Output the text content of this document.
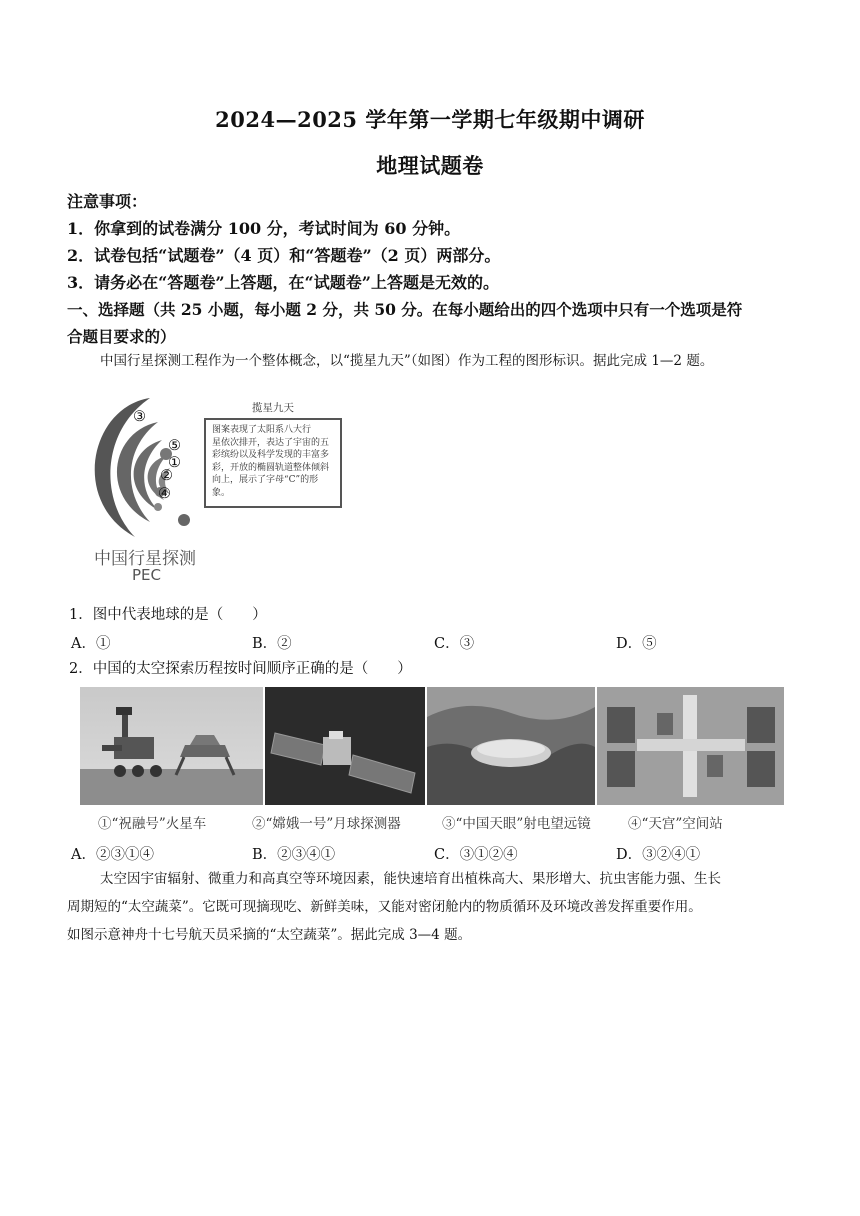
2024—2025 学年第一学期七年级期中调研
地理试题卷
注意事项：
1．你拿到的试卷满分 100 分，考试时间为 60 分钟。
2．试卷包括“试题卷”（4 页）和“答题卷”（2 页）两部分。
3．请务必在“答题卷”上答题，在“试题卷”上答题是无效的。
一、选择题（共 25 小题，每小题 2 分，共 50 分。在每小题给出的四个选项中只有一个选项是符
合题目要求的）
中国行星探测工程作为一个整体概念，以“揽星九天”（如图）作为工程的图形标识。据此完成 1—2 题。
③
⑤
①
②
④
中国行星探测
PEC
揽星九天
图案表现了太阳系八大行
星依次排开，表达了宇宙的五
彩缤纷以及科学发现的丰富多
彩，开放的椭圆轨道整体倾斜
向上，展示了字母“C”的形象。
1．图中代表地球的是（　　）
A．①	B．②	C．③	D．⑤
2．中国的太空探索历程按时间顺序正确的是（　　）
①“祝融号”火星车	②“嫦娥一号”月球探测器	③“中国天眼”射电望远镜	④“天宫”空间站
A．②③①④	B．②③④①	C．③①②④	D．③②④①
太空因宇宙辐射、微重力和高真空等环境因素，能快速培育出植株高大、果形增大、抗虫害能力强、生长
周期短的“太空蔬菜”。它既可现摘现吃、新鲜美味，又能对密闭舱内的物质循环及环境改善发挥重要作用。
如图示意神舟十七号航天员采摘的“太空蔬菜”。据此完成 3—4 题。
